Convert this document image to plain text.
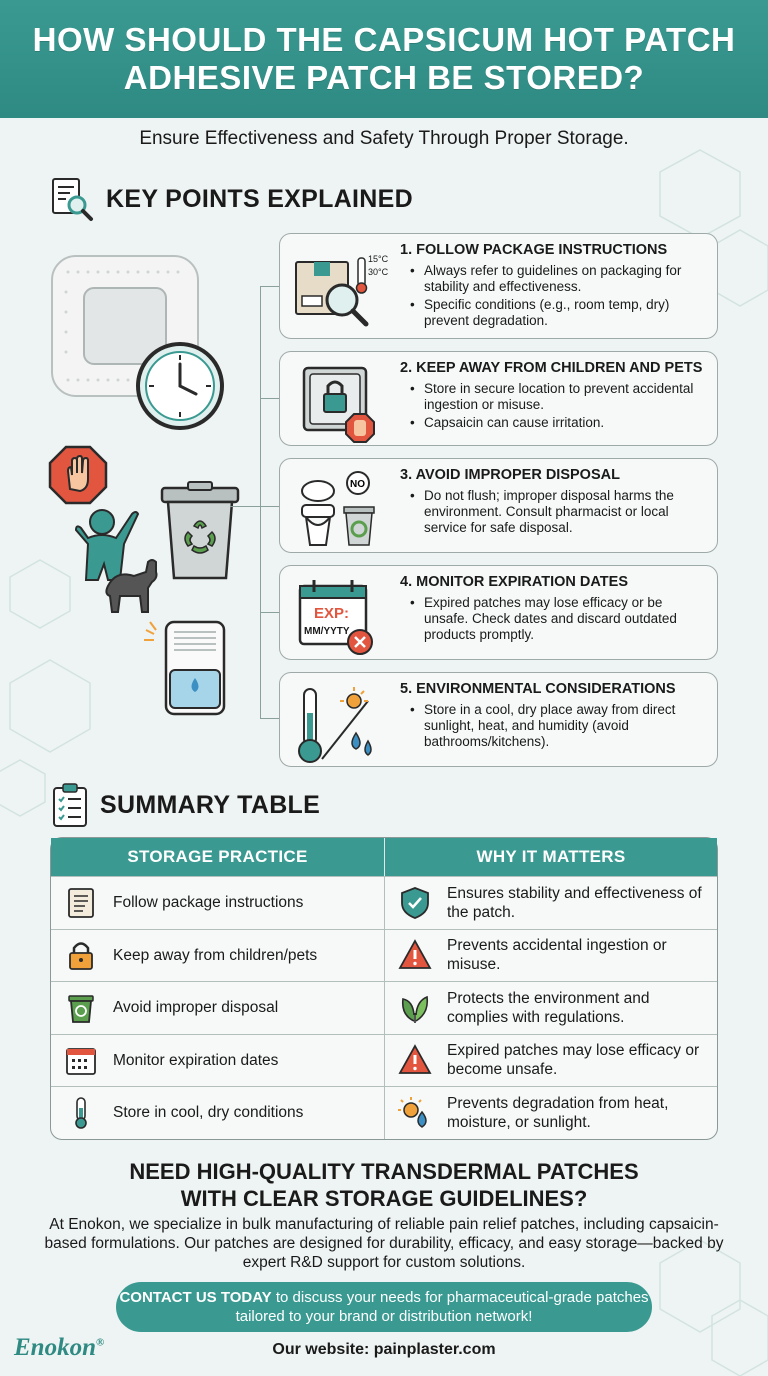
HOW SHOULD THE CAPSICUM HOT PATCH ADHESIVE PATCH BE STORED?
Ensure Effectiveness and Safety Through Proper Storage.
KEY POINTS EXPLAINED
15°C
30°C
1. FOLLOW PACKAGE INSTRUCTIONS
• Always refer to guidelines on packaging for stability and effectiveness.
• Specific conditions (e.g., room temp, dry) prevent degradation.
2. KEEP AWAY FROM CHILDREN AND PETS
• Store in secure location to prevent accidental ingestion or misuse.
• Capsaicin can cause irritation.
NO
3. AVOID IMPROPER DISPOSAL
• Do not flush; improper disposal harms the environment. Consult pharmacist or local service for safe disposal.
EXP:
MM/YYTY
4. MONITOR EXPIRATION DATES
• Expired patches may lose efficacy or be unsafe. Check dates and discard outdated products promptly.
5. ENVIRONMENTAL CONSIDERATIONS
• Store in a cool, dry place away from direct sunlight, heat, and humidity (avoid bathrooms/kitchens).
SUMMARY TABLE
STORAGE PRACTICE	WHY IT MATTERS

Follow package instructions	Ensures stability and effectiveness of the patch.

Keep away from children/pets	Prevents accidental ingestion or misuse.

Avoid improper disposal	Protects the environment and complies with regulations.

Monitor expiration dates	Expired patches may lose efficacy or become unsafe.

Store in cool, dry conditions	Prevents degradation from heat, moisture, or sunlight.
NEED HIGH-QUALITY TRANSDERMAL PATCHES
WITH CLEAR STORAGE GUIDELINES?
At Enokon, we specialize in bulk manufacturing of reliable pain relief patches, including capsaicin-based formulations. Our patches are designed for durability, efficacy, and easy storage—backed by expert R&D support for custom solutions.
CONTACT US TODAY to discuss your needs for pharmaceutical-grade patches tailored to your brand or distribution network!
Enokon®	Our website: painplaster.com
